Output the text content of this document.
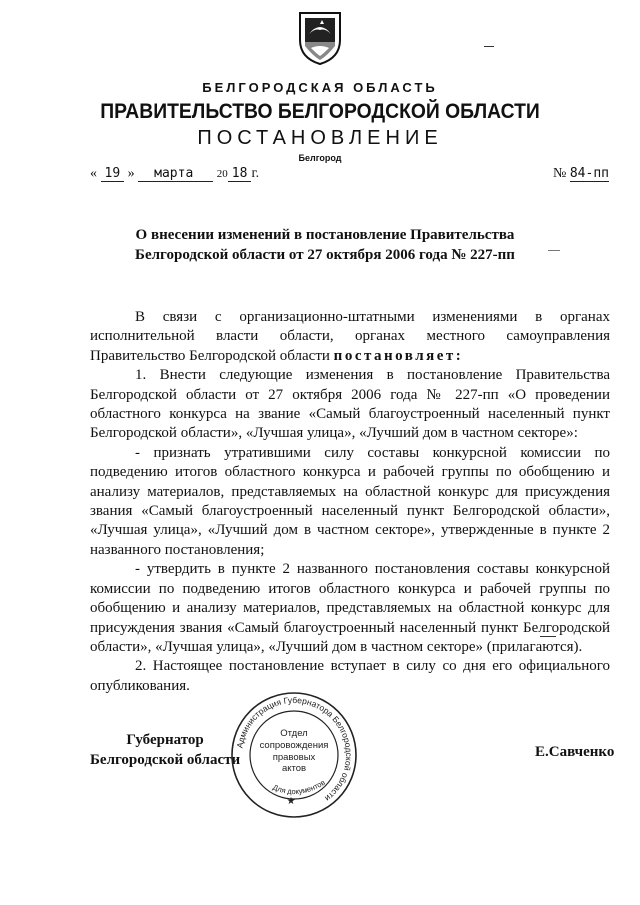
БЕЛГОРОДСКАЯ ОБЛАСТЬ
ПРАВИТЕЛЬСТВО БЕЛГОРОДСКОЙ ОБЛАСТИ
ПОСТАНОВЛЕНИЕ
Белгород
« 19 » марта 20 18 г.	№ 84-пп
О внесении изменений в постановление Правительства
Белгородской области от 27 октября 2006 года № 227-пп

В связи с организационно-штатными изменениями в органах исполнительной власти области, органах местного самоуправления Правительство Белгородской области постановляет:

1. Внести следующие изменения в постановление Правительства Белгородской области от 27 октября 2006 года № 227-пп «О проведении областного конкурса на звание «Самый благоустроенный населенный пункт Белгородской области», «Лучшая улица», «Лучший дом в частном секторе»:

- признать утратившими силу составы конкурсной комиссии по подведению итогов областного конкурса и рабочей группы по обобщению и анализу материалов, представляемых на областной конкурс для присуждения звания «Самый благоустроенный населенный пункт Белгородской области», «Лучшая улица», «Лучший дом в частном секторе», утвержденные в пункте 2 названного постановления;

- утвердить в пункте 2 названного постановления составы конкурсной комиссии по подведению итогов областного конкурса и рабочей группы по обобщению и анализу материалов, представляемых на областной конкурс для присуждения звания «Самый благоустроенный населенный пункт Белгородской области», «Лучшая улица», «Лучший дом в частном секторе» (прилагаются).

2. Настоящее постановление вступает в силу со дня его официального опубликования.

Губернатор
Белгородской области	Е.Савченко
Администрация Губернатора Белгородской области
Отдел
сопровождения
правовых
актов
Для документов
★
